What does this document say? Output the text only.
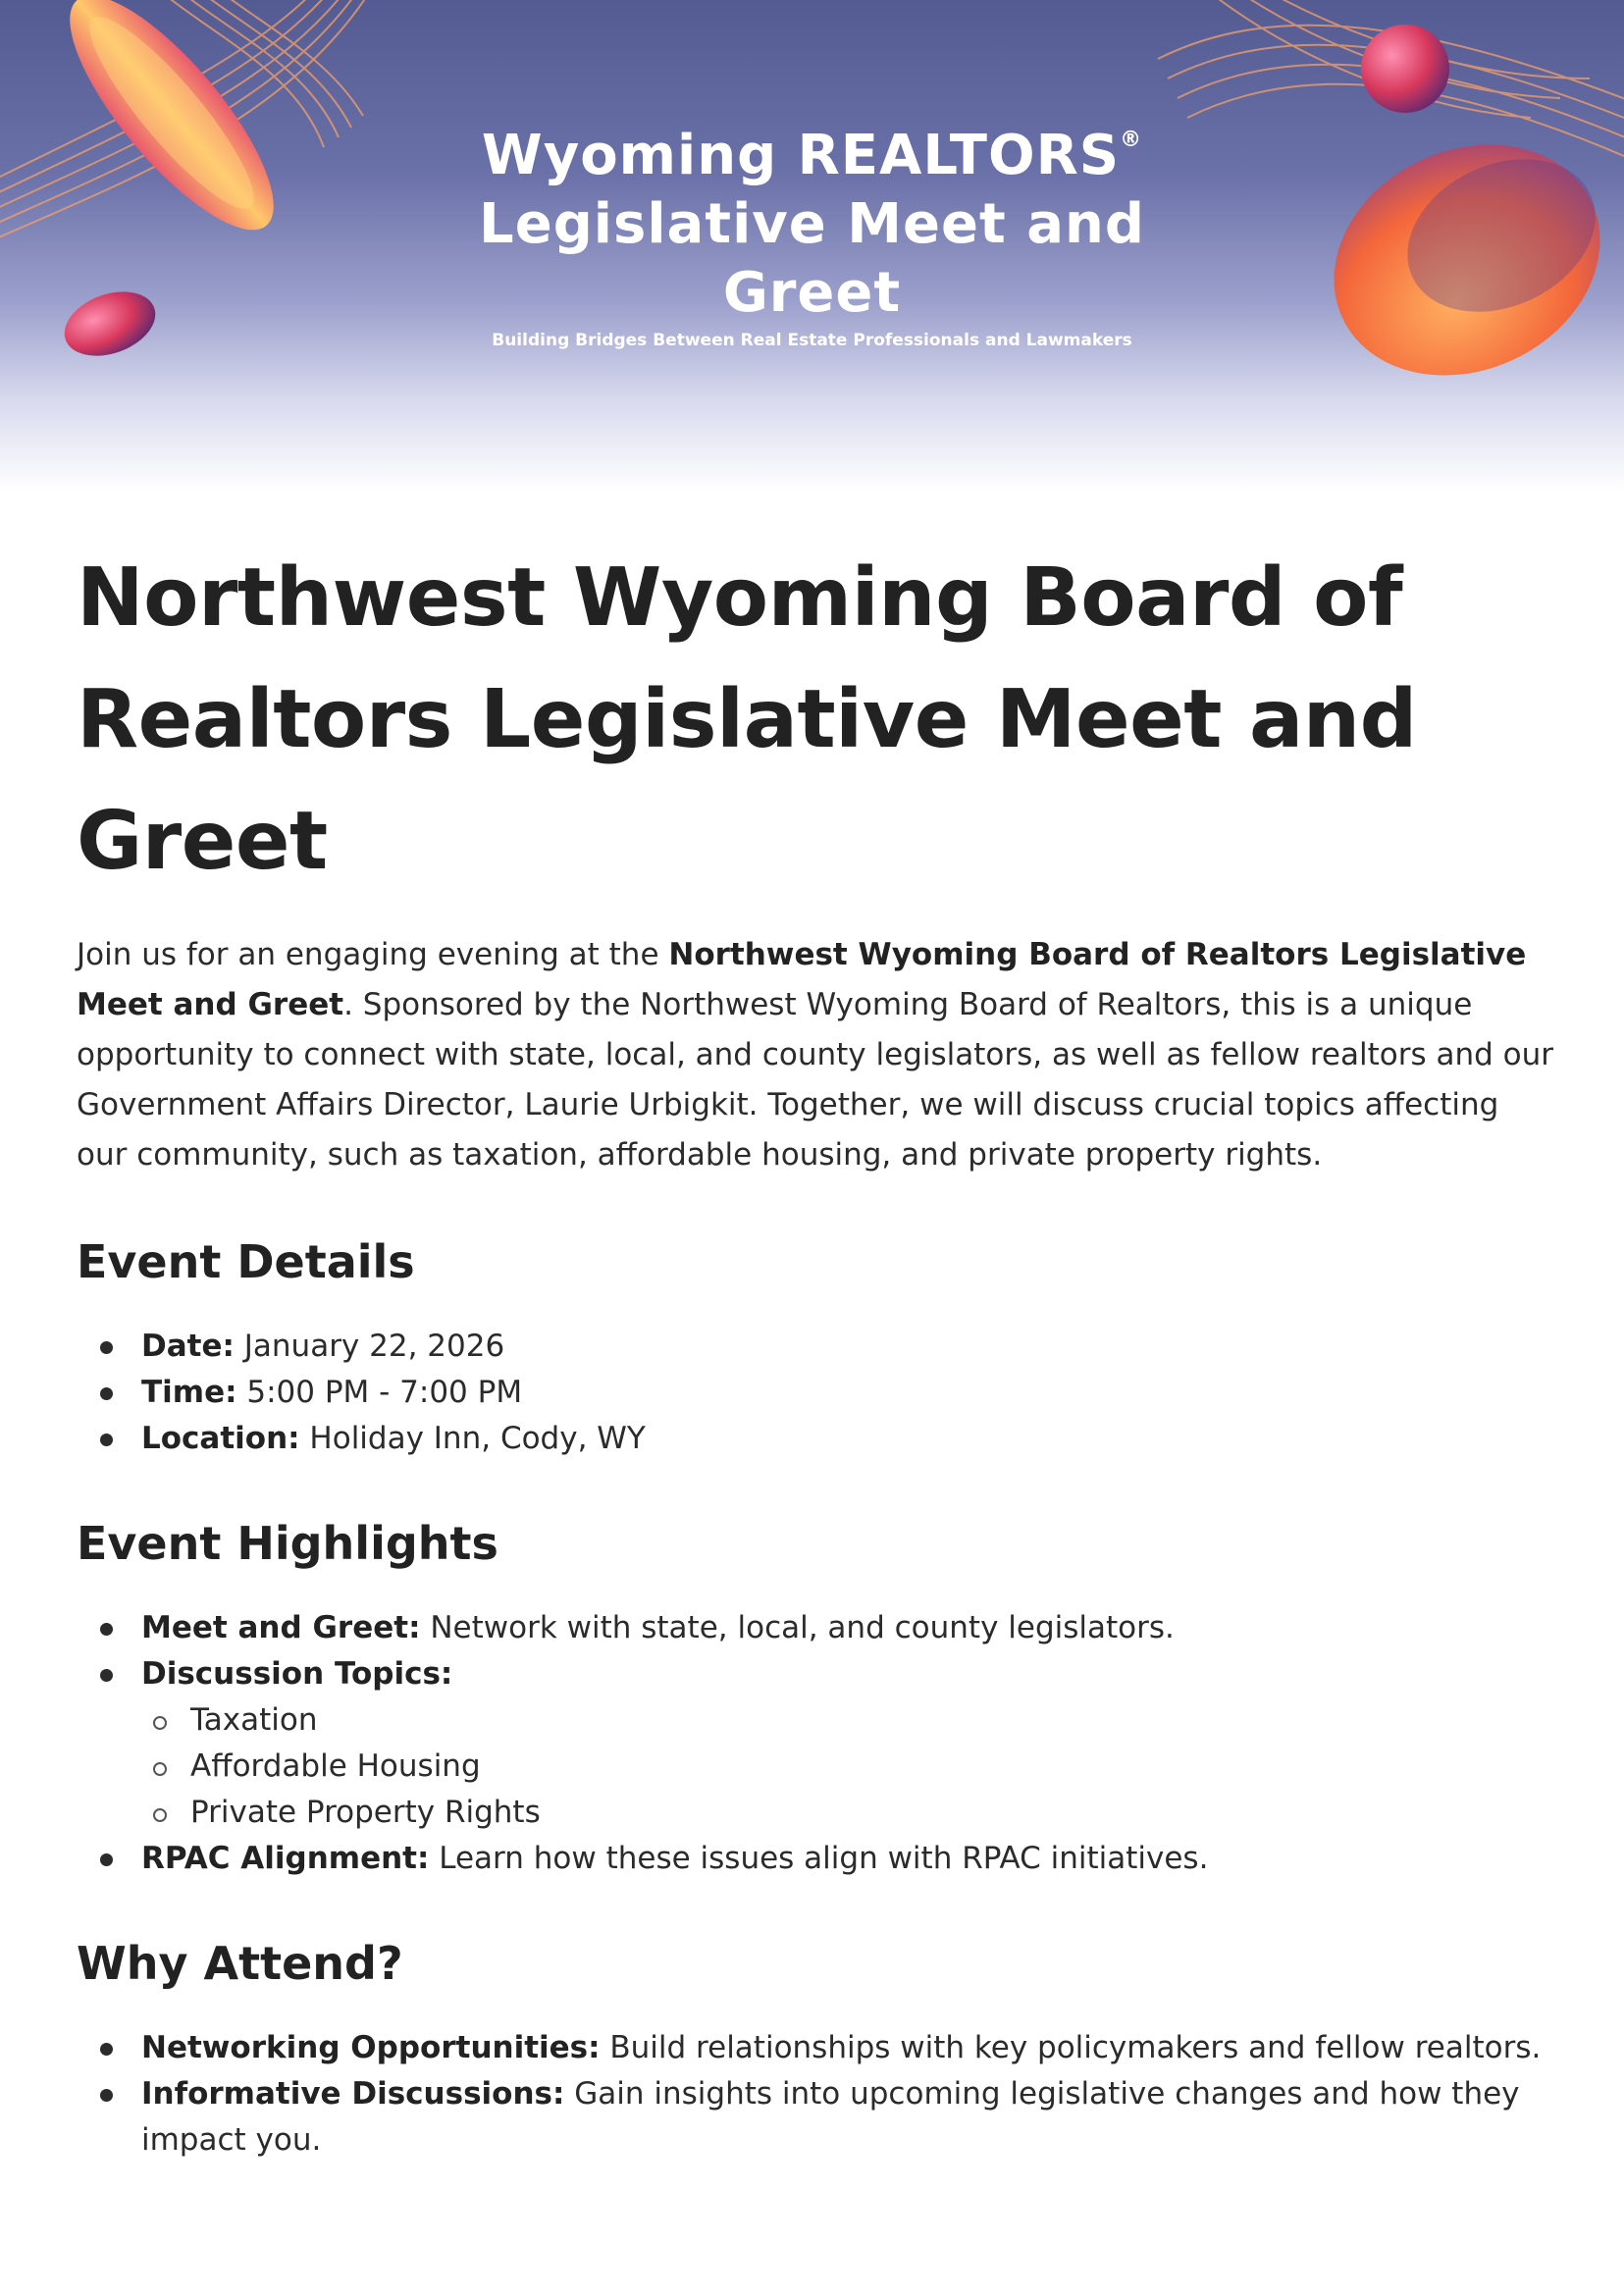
Wyoming REALTORS®
Legislative Meet and
Greet

Building Bridges Between Real Estate Professionals and Lawmakers

Northwest Wyoming Board of Realtors Legislative Meet and Greet

Join us for an engaging evening at the Northwest Wyoming Board of Realtors Legislative Meet and Greet. Sponsored by the Northwest Wyoming Board of Realtors, this is a unique opportunity to connect with state, local, and county legislators, as well as fellow realtors and our Government Affairs Director, Laurie Urbigkit. Together, we will discuss crucial topics affecting our community, such as taxation, affordable housing, and private property rights.

Event Details
Date: January 22, 2026
Time: 5:00 PM - 7:00 PM
Location: Holiday Inn, Cody, WY
Event Highlights
Meet and Greet: Network with state, local, and county legislators.
Discussion Topics:
Taxation
Affordable Housing
Private Property Rights
RPAC Alignment: Learn how these issues align with RPAC initiatives.
Why Attend?
Networking Opportunities: Build relationships with key policymakers and fellow realtors.
Informative Discussions: Gain insights into upcoming legislative changes and how they impact you.
